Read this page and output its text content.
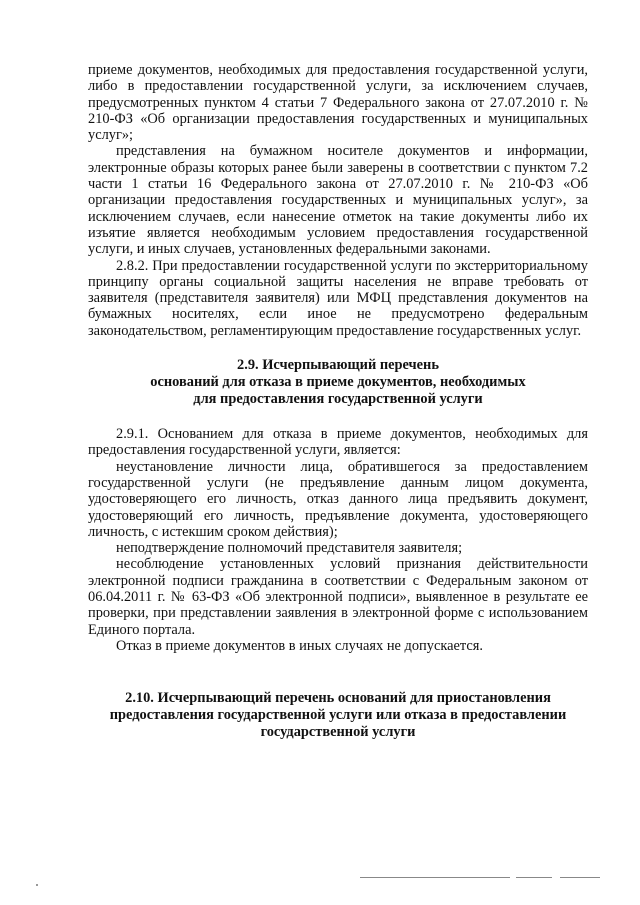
приеме документов, необходимых для предоставления государственной услуги, либо в предоставлении государственной услуги, за исключением случаев, предусмотренных пунктом 4 статьи 7 Федерального закона от 27.07.2010 г. № 210-ФЗ «Об организации предоставления государственных и муниципальных услуг»;

представления на бумажном носителе документов и информации, электронные образы которых ранее были заверены в соответствии с пунктом 7.2 части 1 статьи 16 Федерального закона от 27.07.2010 г. № 210-ФЗ «Об организации предоставления государственных и муниципальных услуг», за исключением случаев, если нанесение отметок на такие документы либо их изъятие является необходимым условием предоставления государственной услуги, и иных случаев, установленных федеральными законами.

2.8.2. При предоставлении государственной услуги по экстерриториальному принципу органы социальной защиты населения не вправе требовать от заявителя (представителя заявителя) или МФЦ представления документов на бумажных носителях, если иное не предусмотрено федеральным законодательством, регламентирующим предоставление государственных услуг.

2.9. Исчерпывающий перечень

оснований для отказа в приеме документов, необходимых

для предоставления государственной услуги

2.9.1. Основанием для отказа в приеме документов, необходимых для предоставления государственной услуги, является:

неустановление личности лица, обратившегося за предоставлением государственной услуги (не предъявление данным лицом документа, удостоверяющего его личность, отказ данного лица предъявить документ, удостоверяющий его личность, предъявление документа, удостоверяющего личность, с истекшим сроком действия);

неподтверждение полномочий представителя заявителя;

несоблюдение установленных условий признания действительности электронной подписи гражданина в соответствии с Федеральным законом от 06.04.2011 г. № 63-ФЗ «Об электронной подписи», выявленное в результате ее проверки, при представлении заявления в электронной форме с использованием Единого портала.

Отказ в приеме документов в иных случаях не допускается.

2.10. Исчерпывающий перечень оснований для приостановления

предоставления государственной услуги или отказа в предоставлении

государственной услуги
